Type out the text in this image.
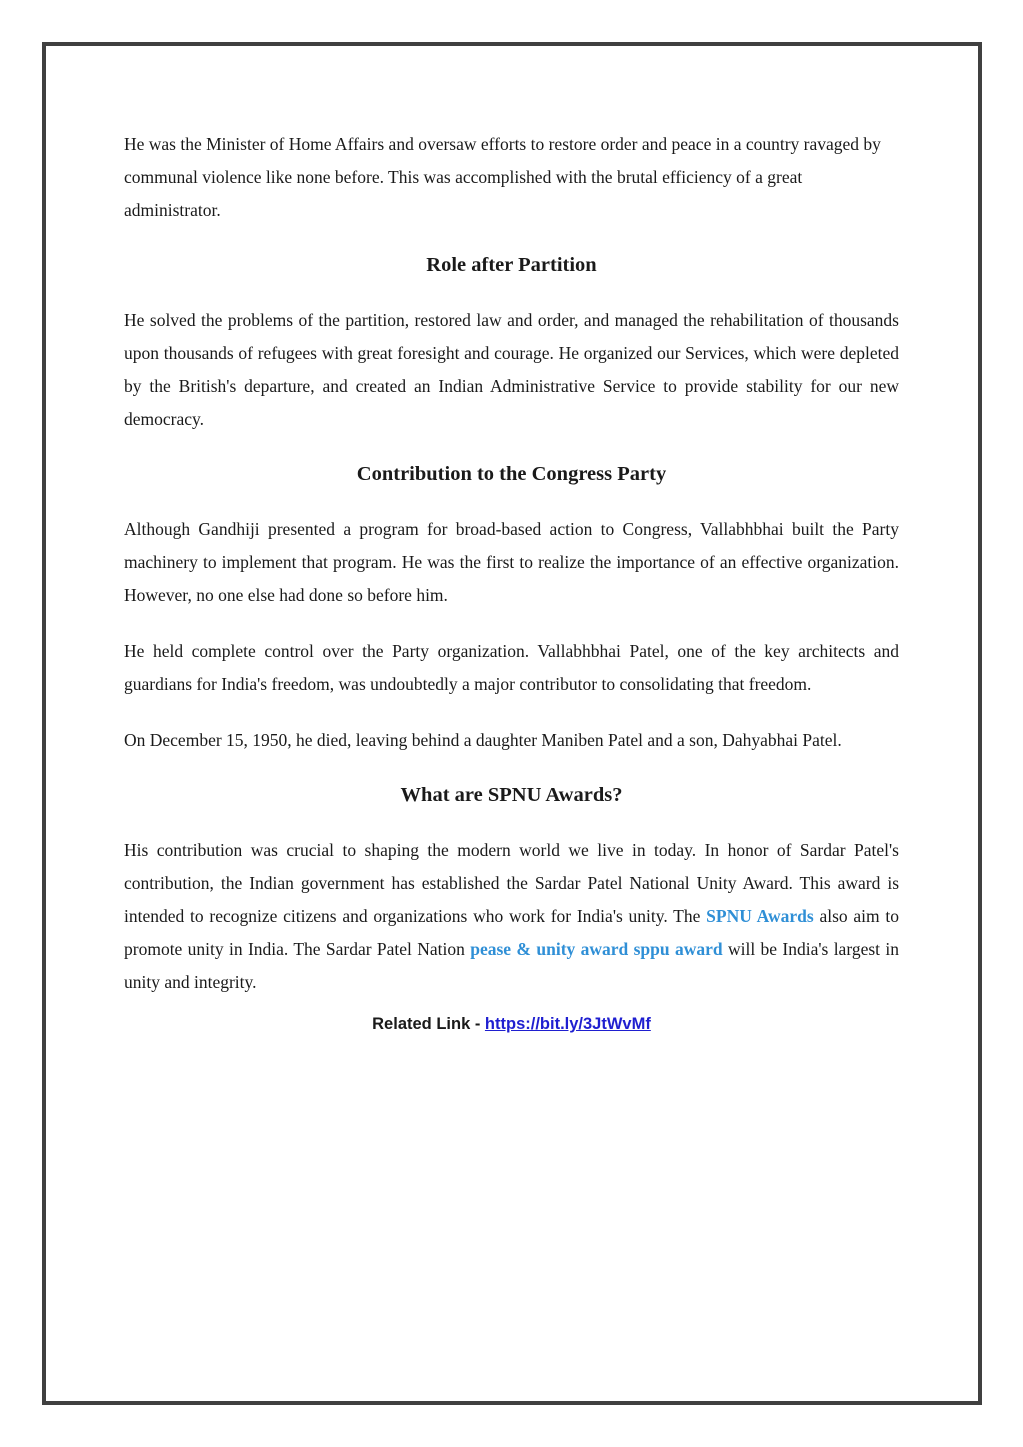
He was the Minister of Home Affairs and oversaw efforts to restore order and peace in a country ravaged by communal violence like none before. This was accomplished with the brutal efficiency of a great administrator.

Role after Partition

He solved the problems of the partition, restored law and order, and managed the rehabilitation of thousands upon thousands of refugees with great foresight and courage. He organized our Services, which were depleted by the British's departure, and created an Indian Administrative Service to provide stability for our new democracy.

Contribution to the Congress Party

Although Gandhiji presented a program for broad-based action to Congress, Vallabhbhai built the Party machinery to implement that program. He was the first to realize the importance of an effective organization. However, no one else had done so before him.

He held complete control over the Party organization. Vallabhbhai Patel, one of the key architects and guardians for India's freedom, was undoubtedly a major contributor to consolidating that freedom.

On December 15, 1950, he died, leaving behind a daughter Maniben Patel and a son, Dahyabhai Patel.

What are SPNU Awards?

His contribution was crucial to shaping the modern world we live in today. In honor of Sardar Patel's contribution, the Indian government has established the Sardar Patel National Unity Award. This award is intended to recognize citizens and organizations who work for India's unity. The SPNU Awards also aim to promote unity in India. The Sardar Patel Nation pease & unity award sppu award will be India's largest in unity and integrity.

Related Link - https://bit.ly/3JtWvMf
